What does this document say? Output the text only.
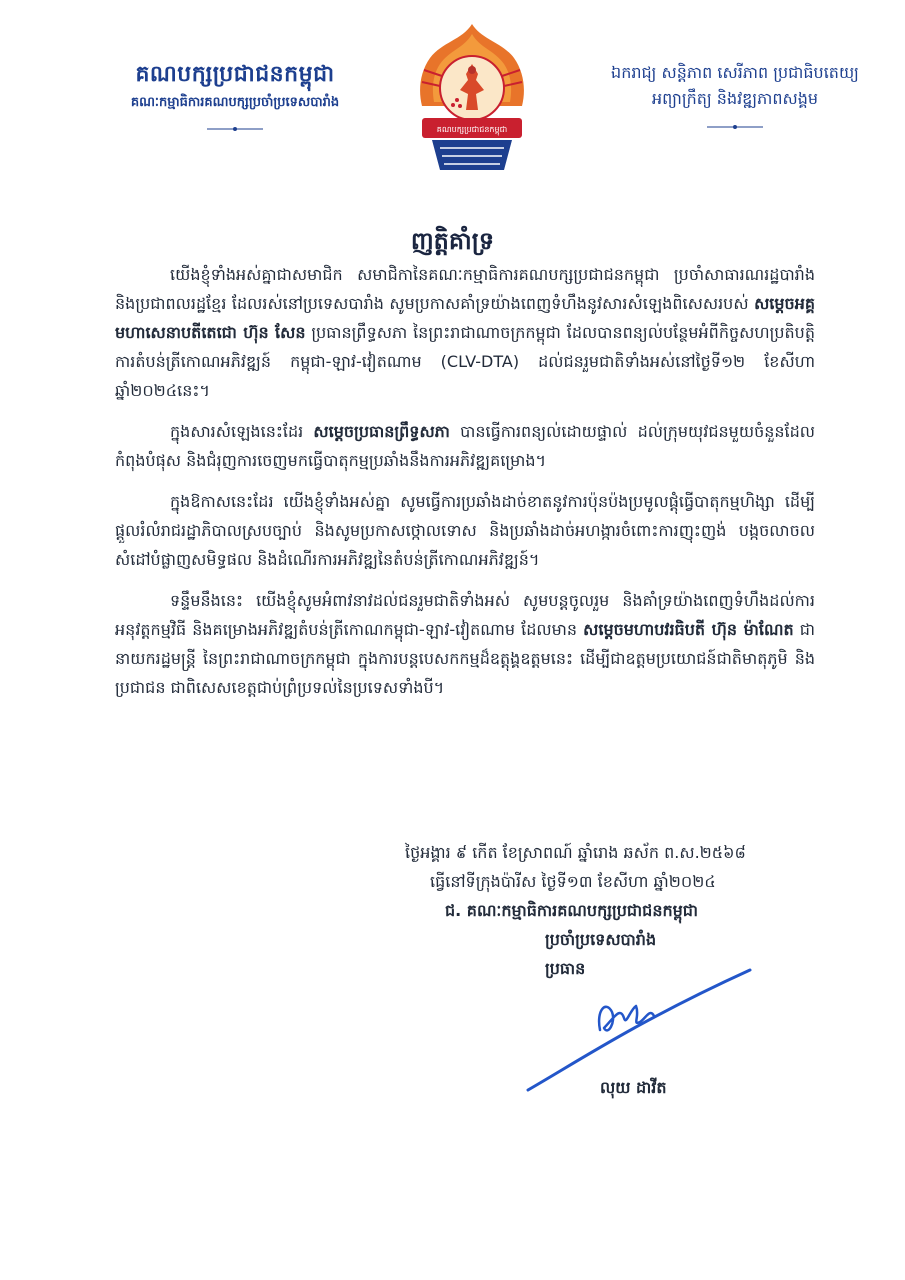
គណបក្សប្រជាជនកម្ពុជា
គណៈកម្មាធិការគណបក្សប្រចាំប្រទេសបារាំង
គណបក្សប្រជាជនកម្ពុជា
ឯករាជ្យ សន្តិភាព សេរីភាព ប្រជាធិបតេយ្យ
អព្យាក្រឹត្យ និងវឌ្ឍភាពសង្គម
ញត្តិគាំទ្រ

យើងខ្ញុំទាំងអស់គ្នាជាសមាជិក សមាជិកានៃគណៈកម្មាធិការគណបក្សប្រជាជនកម្ពុជា ប្រចាំសាធារណរដ្ឋបារាំង និងប្រជាពលរដ្ឋខ្មែរ ដែលរស់នៅប្រទេសបារាំង សូមប្រកាសគាំទ្រយ៉ាងពេញទំហឹងនូវសារសំឡេងពិសេសរបស់ សម្តេចអគ្គមហាសេនាបតីតេជោ ហ៊ុន សែន ប្រធានព្រឹទ្ធសភា នៃព្រះរាជាណាចក្រកម្ពុជា ដែលបានពន្យល់បន្ថែមអំពីកិច្ចសហប្រតិបត្តិការតំបន់ត្រីកោណអភិវឌ្ឍន៍ កម្ពុជា-ឡាវ-វៀតណាម (CLV-DTA) ដល់ជនរួមជាតិទាំងអស់នៅថ្ងៃទី១២ ខែសីហា ឆ្នាំ២០២៤នេះ។

ក្នុងសារសំឡេងនេះដែរ សម្តេចប្រធានព្រឹទ្ធសភា បានធ្វើការពន្យល់ដោយផ្ទាល់ ដល់ក្រុមយុវជនមួយចំនួនដែលកំពុងបំផុស និងជំរុញការចេញមកធ្វើបាតុកម្មប្រឆាំងនឹងការអភិវឌ្ឍគម្រោង។

ក្នុងឱកាសនេះដែរ យើងខ្ញុំទាំងអស់គ្នា សូមធ្វើការប្រឆាំងដាច់ខាតនូវការប៉ុនប៉ងប្រមូលផ្តុំធ្វើបាតុកម្មហិង្សា ដើម្បីផ្តួលរំលំរាជរដ្ឋាភិបាលស្របច្បាប់ និងសូមប្រកាសថ្កោលទោស និងប្រឆាំងដាច់អហង្ការចំពោះការញុះញង់ បង្កចលាចល សំដៅបំផ្លាញសមិទ្ធផល និងដំណើរការអភិវឌ្ឍនៃតំបន់ត្រីកោណអភិវឌ្ឍន៍។

ទន្ទឹមនឹងនេះ យើងខ្ញុំសូមអំពាវនាវដល់ជនរួមជាតិទាំងអស់ សូមបន្តចូលរួម និងគាំទ្រយ៉ាងពេញទំហឹងដល់ការអនុវត្តកម្មវិធី និងគម្រោងអភិវឌ្ឍតំបន់ត្រីកោណកម្ពុជា-ឡាវ-វៀតណាម ដែលមាន សម្តេចមហាបវរធិបតី ហ៊ុន ម៉ាណែត ជានាយករដ្ឋមន្ត្រី នៃព្រះរាជាណាចក្រកម្ពុជា ក្នុងការបន្តបេសកកម្មដ៏ឧត្តុង្គឧត្តមនេះ ដើម្បីជាឧត្តមប្រយោជន៍ជាតិមាតុភូមិ និងប្រជាជន ជាពិសេសខេត្តជាប់ព្រំប្រទល់នៃប្រទេសទាំងបី។

ថ្ងៃអង្គារ ៩ កើត ខែស្រាពណ៍ ឆ្នាំរោង ឆស័ក ព.ស.២៥៦៨
ធ្វើនៅទីក្រុងប៉ារីស ថ្ងៃទី១៣ ខែសីហា ឆ្នាំ២០២៤
ជ. គណៈកម្មាធិការគណបក្សប្រជាជនកម្ពុជា
ប្រចាំប្រទេសបារាំង
ប្រធាន
លុយ ដាវីត
